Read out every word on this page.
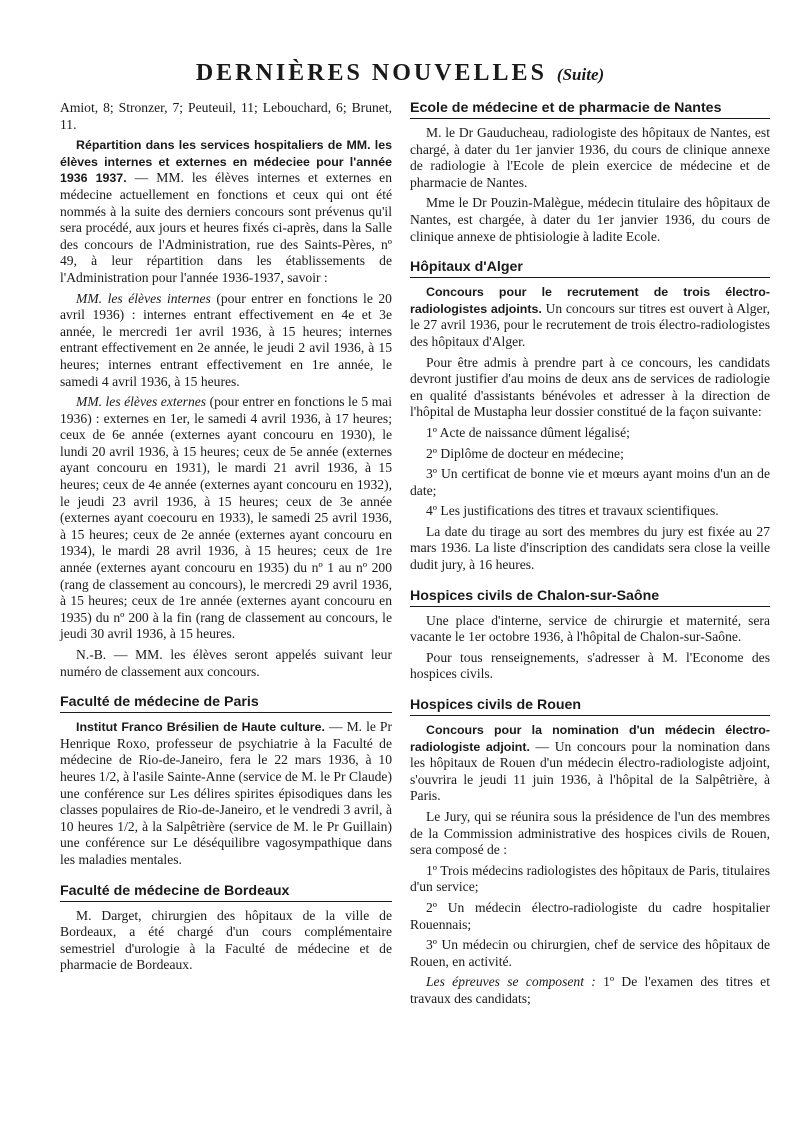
DERNIÈRES NOUVELLES (Suite)

Amiot, 8; Stronzer, 7; Peuteuil, 11; Lebouchard, 6; Brunet, 11.

Répartition dans les services hospitaliers de MM. les élèves internes et externes en médeciee pour l'année 1936 1937. — MM. les élèves internes et externes en médecine actuellement en fonctions et ceux qui ont été nommés à la suite des derniers concours sont prévenus qu'il sera procédé, aux jours et heures fixés ci-après, dans la Salle des concours de l'Administration, rue des Saints-Pères, nº 49, à leur répartition dans les établissements de l'Administration pour l'année 1936-1937, savoir :

MM. les élèves internes (pour entrer en fonctions le 20 avril 1936) : internes entrant effectivement en 4e et 3e année, le mercredi 1er avril 1936, à 15 heures; internes entrant effectivement en 2e année, le jeudi 2 avil 1936, à 15 heures; internes entrant effectivement en 1re année, le samedi 4 avril 1936, à 15 heures.

MM. les élèves externes (pour entrer en fonctions le 5 mai 1936) : externes en 1er, le samedi 4 avril 1936, à 17 heures; ceux de 6e année (externes ayant concouru en 1930), le lundi 20 avril 1936, à 15 heures; ceux de 5e année (externes ayant concouru en 1931), le mardi 21 avril 1936, à 15 heures; ceux de 4e année (externes ayant concouru en 1932), le jeudi 23 avril 1936, à 15 heures; ceux de 3e année (externes ayant coecouru en 1933), le samedi 25 avril 1936, à 15 heures; ceux de 2e année (externes ayant concouru en 1934), le mardi 28 avril 1936, à 15 heures; ceux de 1re année (externes ayant concouru en 1935) du nº 1 au nº 200 (rang de classement au concours), le mercredi 29 avril 1936, à 15 heures; ceux de 1re année (externes ayant concouru en 1935) du nº 200 à la fin (rang de classement au concours, le jeudi 30 avril 1936, à 15 heures.

N.-B. — MM. les élèves seront appelés suivant leur numéro de classement aux concours.

Faculté de médecine de Paris

Institut Franco Brésilien de Haute culture. — M. le Pr Henrique Roxo, professeur de psychiatrie à la Faculté de médecine de Rio-de-Janeiro, fera le 22 mars 1936, à 10 heures 1/2, à l'asile Sainte-Anne (service de M. le Pr Claude) une conférence sur Les délires spirites épisodiques dans les classes populaires de Rio-de-Janeiro, et le vendredi 3 avril, à 10 heures 1/2, à la Salpêtrière (service de M. le Pr Guillain) une conférence sur Le déséquilibre vagosympathique dans les maladies mentales.

Faculté de médecine de Bordeaux

M. Darget, chirurgien des hôpitaux de la ville de Bordeaux, a été chargé d'un cours complémentaire semestriel d'urologie à la Faculté de médecine et de pharmacie de Bordeaux.

Ecole de médecine et de pharmacie de Nantes

M. le Dr Gauducheau, radiologiste des hôpitaux de Nantes, est chargé, à dater du 1er janvier 1936, du cours de clinique annexe de radiologie à l'Ecole de plein exercice de médecine et de pharmacie de Nantes.

Mme le Dr Pouzin-Malègue, médecin titulaire des hôpitaux de Nantes, est chargée, à dater du 1er janvier 1936, du cours de clinique annexe de phtisiologie à ladite Ecole.

Hôpitaux d'Alger

Concours pour le recrutement de trois électro-radiologistes adjoints. Un concours sur titres est ouvert à Alger, le 27 avril 1936, pour le recrutement de trois électro-radiologistes des hôpitaux d'Alger.

Pour être admis à prendre part à ce concours, les candidats devront justifier d'au moins de deux ans de services de radiologie en qualité d'assistants bénévoles et adresser à la direction de l'hôpital de Mustapha leur dossier constitué de la façon suivante:

1º Acte de naissance dûment légalisé;

2º Diplôme de docteur en médecine;

3º Un certificat de bonne vie et mœurs ayant moins d'un an de date;

4º Les justifications des titres et travaux scientifiques.

La date du tirage au sort des membres du jury est fixée au 27 mars 1936. La liste d'inscription des candidats sera close la veille dudit jury, à 16 heures.

Hospices civils de Chalon-sur-Saône

Une place d'interne, service de chirurgie et maternité, sera vacante le 1er octobre 1936, à l'hôpital de Chalon-sur-Saône.

Pour tous renseignements, s'adresser à M. l'Econome des hospices civils.

Hospices civils de Rouen

Concours pour la nomination d'un médecin électro-radiologiste adjoint. — Un concours pour la nomination dans les hôpitaux de Rouen d'un médecin électro-radiologiste adjoint, s'ouvrira le jeudi 11 juin 1936, à l'hôpital de la Salpêtrière, à Paris.

Le Jury, qui se réunira sous la présidence de l'un des membres de la Commission administrative des hospices civils de Rouen, sera composé de :

1º Trois médecins radiologistes des hôpitaux de Paris, titulaires d'un service;

2º Un médecin électro-radiologiste du cadre hospitalier Rouennais;

3º Un médecin ou chirurgien, chef de service des hôpitaux de Rouen, en activité.

Les épreuves se composent : 1º De l'examen des titres et travaux des candidats;
